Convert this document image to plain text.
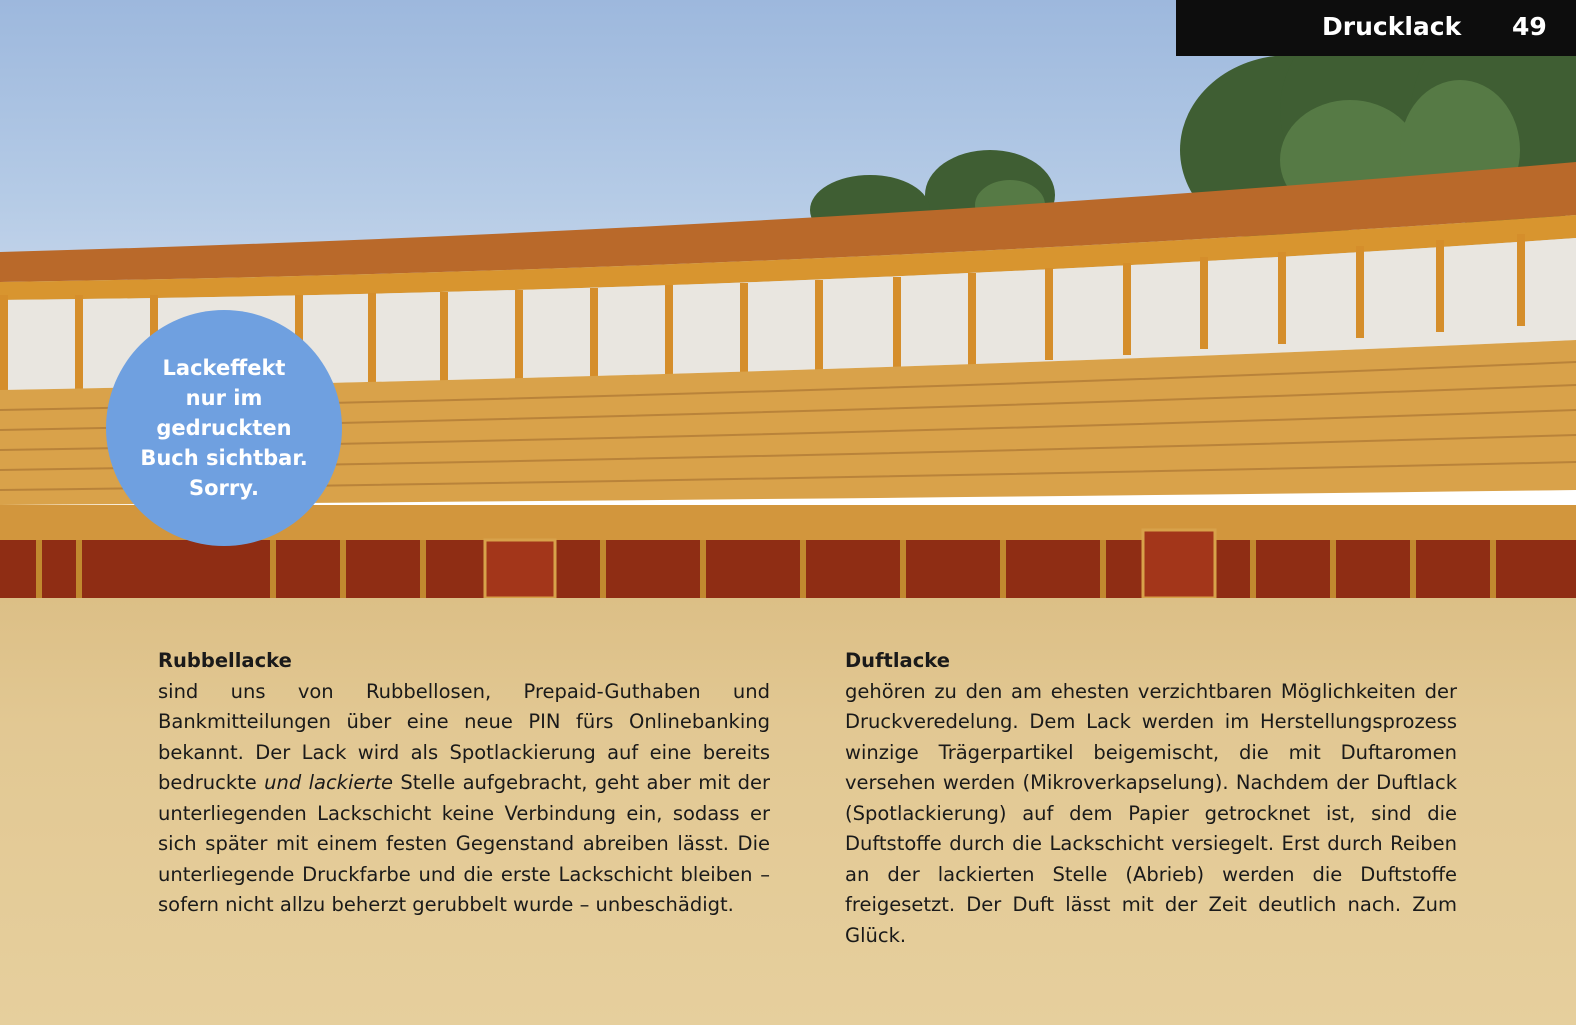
Drucklack 49
Lackeffekt
nur im gedruckten
Buch sichtbar.
Sorry.
Rubbellacke

sind uns von Rubbellosen, Prepaid-Guthaben und Bankmitteilungen über eine neue PIN fürs Onlinebanking bekannt. Der Lack wird als Spotlackierung auf eine bereits bedruckte und lackierte Stelle aufgebracht, geht aber mit der unterliegenden Lackschicht keine Verbindung ein, sodass er sich später mit einem festen Gegenstand abreiben lässt. Die unterliegende Druckfarbe und die erste Lackschicht bleiben – sofern nicht allzu beherzt gerubbelt wurde – unbeschädigt.

Duftlacke

gehören zu den am ehesten verzichtbaren Möglichkeiten der Druckveredelung. Dem Lack werden im Herstellungsprozess winzige Trägerpartikel beigemischt, die mit Duftaromen versehen werden (Mikroverkapselung). Nachdem der Duftlack (Spotlackierung) auf dem Papier getrocknet ist, sind die Duftstoffe durch die Lackschicht versiegelt. Erst durch Reiben an der lackierten Stelle (Abrieb) werden die Duftstoffe freigesetzt. Der Duft lässt mit der Zeit deutlich nach. Zum Glück.
